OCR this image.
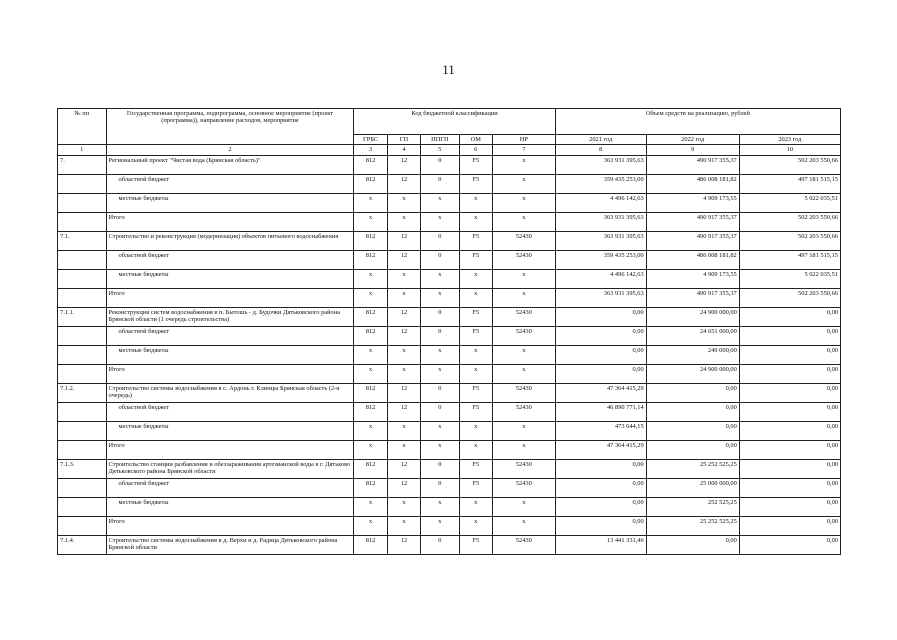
11
№ пп	Государственная программа, подпрограмма, основное мероприятие (проект (программа)), направление расходов, мероприятие	Код бюджетной классификации					Объем средств на реализацию, рублей		
		ГРБС	ГП	ППГП	ОМ	НР	2021 год	2022 год	2023 год
1	2	3	4	5	6	7	8	9	10
7.	Региональный проект "Чистая вода (Брянская область)"	812	12	0	F5	х	363 931 395,63	490 917 355,37	502 203 550,66
	областной бюджет	812	12	0	F5	х	359 435 253,00	486 008 181,82	497 181 515,15
	местные бюджеты	х	х	х	х	х	4 496 142,63	4 909 173,55	5 022 035,51
	Итого	х	х	х	х	х	363 931 395,63	490 917 355,37	502 203 550,66
7.1.	Строительство и реконструкция (модернизация) объектов питьевого водоснабжения	812	12	0	F5	52430	363 931 395,63	490 917 355,37	502 203 550,66
	областной бюджет	812	12	0	F5	52430	359 435 253,00	486 008 181,82	497 181 515,15
	местные бюджеты	х	х	х	х	х	4 496 142,63	4 909 173,55	5 022 035,51
	Итого	х	х	х	х	х	363 931 395,63	490 917 355,37	502 203 550,66
7.1.1.	Реконструкция систем водоснабжения в п. Бытошь - д. Будочки Дятьковского района Брянской области (1 очередь строительства)	812	12	0	F5	52430	0,00	24 900 000,00	0,00
	областной бюджет	812	12	0	F5	52430	0,00	24 651 000,00	0,00
	местные бюджеты	х	х	х	х	х	0,00	249 000,00	0,00
	Итого	х	х	х	х	х	0,00	24 900 000,00	0,00
7.1.2.	Строительство системы водоснабжения в с. Ардонь г. Клинцы Брянская область (2-я очередь)	812	12	0	F5	52430	47 364 415,29	0,00	0,00
	областной бюджет	812	12	0	F5	52430	46 890 771,14	0,00	0,00
	местные бюджеты	х	х	х	х	х	473 644,15	0,00	0,00
	Итого	х	х	х	х	х	47 364 415,29	0,00	0,00
7.1.3.	Строительство станции разбавления и обеззараживания артезианской воды в г. Дятьково Дятьковского района Брянской области	812	12	0	F5	52430	0,00	25 252 525,25	0,00
	областной бюджет	812	12	0	F5	52430	0,00	25 000 000,00	0,00
	местные бюджеты	х	х	х	х	х	0,00	252 525,25	0,00
	Итого	х	х	х	х	х	0,00	25 252 525,25	0,00
7.1.4.	Строительство системы водоснабжения в д. Верхи и д. Радица Дятьковского района Брянской области	812	12	0	F5	52430	13 441 331,46	0,00	0,00
